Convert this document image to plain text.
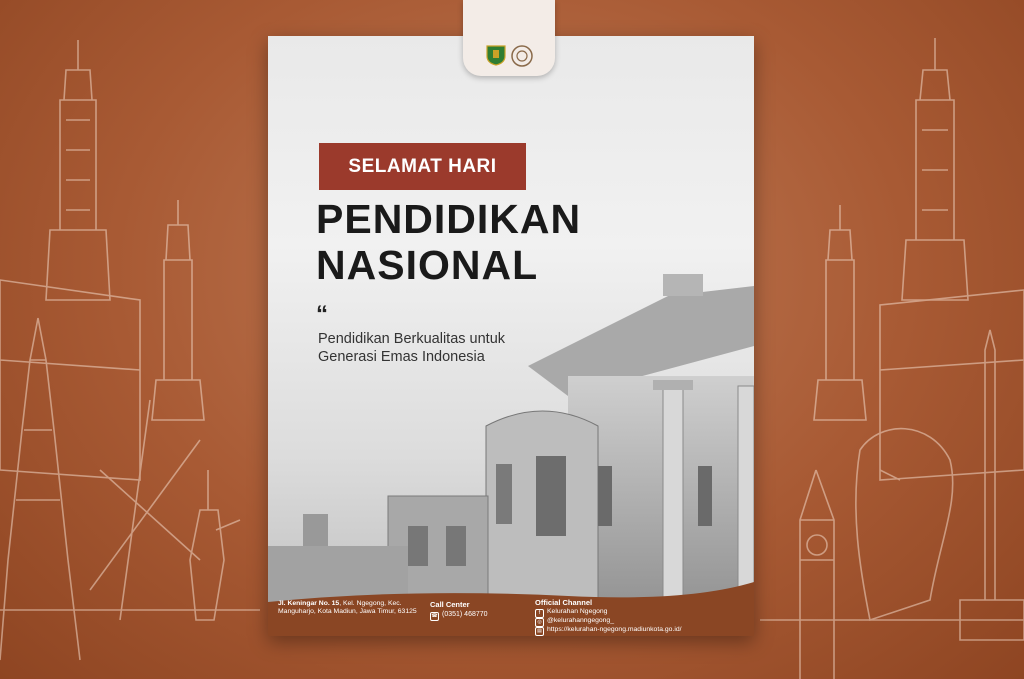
Jl. Keningar No. 15, Kel. Ngegong, Kec. Manguharjo, Kota Madiun, Jawa Timur, 63125
Call Center
☎ (0351) 468770
Official Channel
f Kelurahan Ngegong
◎ @kelurahanngegong_
▤ https://kelurahan-ngegong.madiunkota.go.id/
SELAMAT HARI
PENDIDIKAN
NASIONAL
“
Pendidikan Berkualitas untuk Generasi Emas Indonesia
